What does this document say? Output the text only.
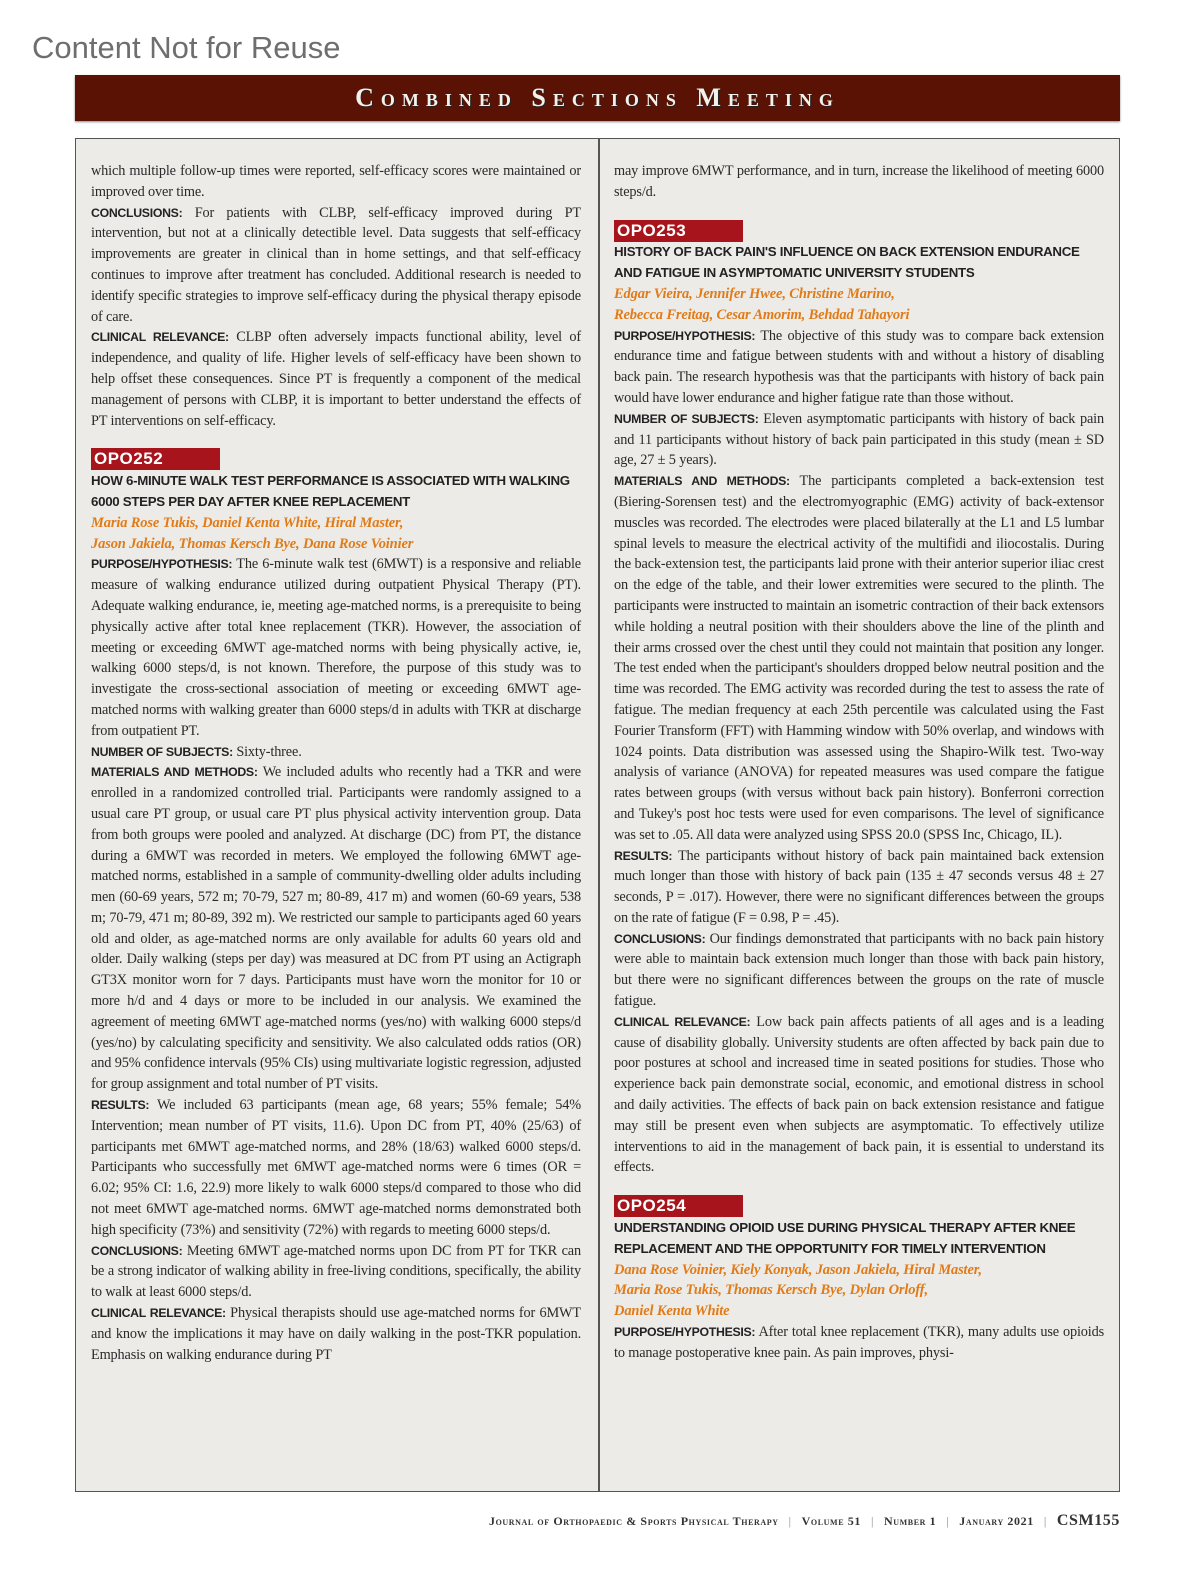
Content Not for Reuse
Combined Sections Meeting

which multiple follow-up times were reported, self-efficacy scores were maintained or improved over time.

CONCLUSIONS: For patients with CLBP, self-efficacy improved during PT intervention, but not at a clinically detectible level. Data suggests that self-efficacy improvements are greater in clinical than in home settings, and that self-efficacy continues to improve after treatment has concluded. Additional research is needed to identify specific strategies to improve self-efficacy during the physical therapy episode of care.

CLINICAL RELEVANCE: CLBP often adversely impacts functional ability, level of independence, and quality of life. Higher levels of self-efficacy have been shown to help offset these consequences. Since PT is frequently a component of the medical management of persons with CLBP, it is important to better understand the effects of PT interventions on self-efficacy.

OPO252
HOW 6-MINUTE WALK TEST PERFORMANCE IS ASSOCIATED WITH WALKING 6000 STEPS PER DAY AFTER KNEE REPLACEMENT
Maria Rose Tukis, Daniel Kenta White, Hiral Master,
Jason Jakiela, Thomas Kersch Bye, Dana Rose Voinier

PURPOSE/HYPOTHESIS: The 6-minute walk test (6MWT) is a responsive and reliable measure of walking endurance utilized during outpatient Physical Therapy (PT). Adequate walking endurance, ie, meeting age-matched norms, is a prerequisite to being physically active after total knee replacement (TKR). However, the association of meeting or exceeding 6MWT age-matched norms with being physically active, ie, walking 6000 steps/d, is not known. Therefore, the purpose of this study was to investigate the cross-sectional association of meeting or exceeding 6MWT age-matched norms with walking greater than 6000 steps/d in adults with TKR at discharge from outpatient PT.

NUMBER OF SUBJECTS: Sixty-three.

MATERIALS AND METHODS: We included adults who recently had a TKR and were enrolled in a randomized controlled trial. Participants were randomly assigned to a usual care PT group, or usual care PT plus physical activity intervention group. Data from both groups were pooled and analyzed. At discharge (DC) from PT, the distance during a 6MWT was recorded in meters. We employed the following 6MWT age-matched norms, established in a sample of community-dwelling older adults including men (60-69 years, 572 m; 70-79, 527 m; 80-89, 417 m) and women (60-69 years, 538 m; 70-79, 471 m; 80-89, 392 m). We restricted our sample to participants aged 60 years old and older, as age-matched norms are only available for adults 60 years old and older. Daily walking (steps per day) was measured at DC from PT using an Actigraph GT3X monitor worn for 7 days. Participants must have worn the monitor for 10 or more h/d and 4 days or more to be included in our analysis. We examined the agreement of meeting 6MWT age-matched norms (yes/no) with walking 6000 steps/d (yes/no) by calculating specificity and sensitivity. We also calculated odds ratios (OR) and 95% confidence intervals (95% CIs) using multivariate logistic regression, adjusted for group assignment and total number of PT visits.

RESULTS: We included 63 participants (mean age, 68 years; 55% female; 54% Intervention; mean number of PT visits, 11.6). Upon DC from PT, 40% (25/63) of participants met 6MWT age-matched norms, and 28% (18/63) walked 6000 steps/d. Participants who successfully met 6MWT age-matched norms were 6 times (OR = 6.02; 95% CI: 1.6, 22.9) more likely to walk 6000 steps/d compared to those who did not meet 6MWT age-matched norms. 6MWT age-matched norms demonstrated both high specificity (73%) and sensitivity (72%) with regards to meeting 6000 steps/d.

CONCLUSIONS: Meeting 6MWT age-matched norms upon DC from PT for TKR can be a strong indicator of walking ability in free-living conditions, specifically, the ability to walk at least 6000 steps/d.

CLINICAL RELEVANCE: Physical therapists should use age-matched norms for 6MWT and know the implications it may have on daily walking in the post-TKR population. Emphasis on walking endurance during PT

may improve 6MWT performance, and in turn, increase the likelihood of meeting 6000 steps/d.

OPO253
HISTORY OF BACK PAIN'S INFLUENCE ON BACK EXTENSION ENDURANCE AND FATIGUE IN ASYMPTOMATIC UNIVERSITY STUDENTS
Edgar Vieira, Jennifer Hwee, Christine Marino,
Rebecca Freitag, Cesar Amorim, Behdad Tahayori

PURPOSE/HYPOTHESIS: The objective of this study was to compare back extension endurance time and fatigue between students with and without a history of disabling back pain. The research hypothesis was that the participants with history of back pain would have lower endurance and higher fatigue rate than those without.

NUMBER OF SUBJECTS: Eleven asymptomatic participants with history of back pain and 11 participants without history of back pain participated in this study (mean ± SD age, 27 ± 5 years).

MATERIALS AND METHODS: The participants completed a back-extension test (Biering-Sorensen test) and the electromyographic (EMG) activity of back-extensor muscles was recorded. The electrodes were placed bilaterally at the L1 and L5 lumbar spinal levels to measure the electrical activity of the multifidi and iliocostalis. During the back-extension test, the participants laid prone with their anterior superior iliac crest on the edge of the table, and their lower extremities were secured to the plinth. The participants were instructed to maintain an isometric contraction of their back extensors while holding a neutral position with their shoulders above the line of the plinth and their arms crossed over the chest until they could not maintain that position any longer. The test ended when the participant's shoulders dropped below neutral position and the time was recorded. The EMG activity was recorded during the test to assess the rate of fatigue. The median frequency at each 25th percentile was calculated using the Fast Fourier Transform (FFT) with Hamming window with 50% overlap, and windows with 1024 points. Data distribution was assessed using the Shapiro-Wilk test. Two-way analysis of variance (ANOVA) for repeated measures was used compare the fatigue rates between groups (with versus without back pain history). Bonferroni correction and Tukey's post hoc tests were used for even comparisons. The level of significance was set to .05. All data were analyzed using SPSS 20.0 (SPSS Inc, Chicago, IL).

RESULTS: The participants without history of back pain maintained back extension much longer than those with history of back pain (135 ± 47 seconds versus 48 ± 27 seconds, P = .017). However, there were no significant differences between the groups on the rate of fatigue (F = 0.98, P = .45).

CONCLUSIONS: Our findings demonstrated that participants with no back pain history were able to maintain back extension much longer than those with back pain history, but there were no significant differences between the groups on the rate of muscle fatigue.

CLINICAL RELEVANCE: Low back pain affects patients of all ages and is a leading cause of disability globally. University students are often affected by back pain due to poor postures at school and increased time in seated positions for studies. Those who experience back pain demonstrate social, economic, and emotional distress in school and daily activities. The effects of back pain on back extension resistance and fatigue may still be present even when subjects are asymptomatic. To effectively utilize interventions to aid in the management of back pain, it is essential to understand its effects.

OPO254
UNDERSTANDING OPIOID USE DURING PHYSICAL THERAPY AFTER KNEE REPLACEMENT AND THE OPPORTUNITY FOR TIMELY INTERVENTION
Dana Rose Voinier, Kiely Konyak, Jason Jakiela, Hiral Master,
Maria Rose Tukis, Thomas Kersch Bye, Dylan Orloff,
Daniel Kenta White

PURPOSE/HYPOTHESIS: After total knee replacement (TKR), many adults use opioids to manage postoperative knee pain. As pain improves, physi-

Journal of Orthopaedic & Sports Physical Therapy | Volume 51 | Number 1 | January 2021 | CSM155
